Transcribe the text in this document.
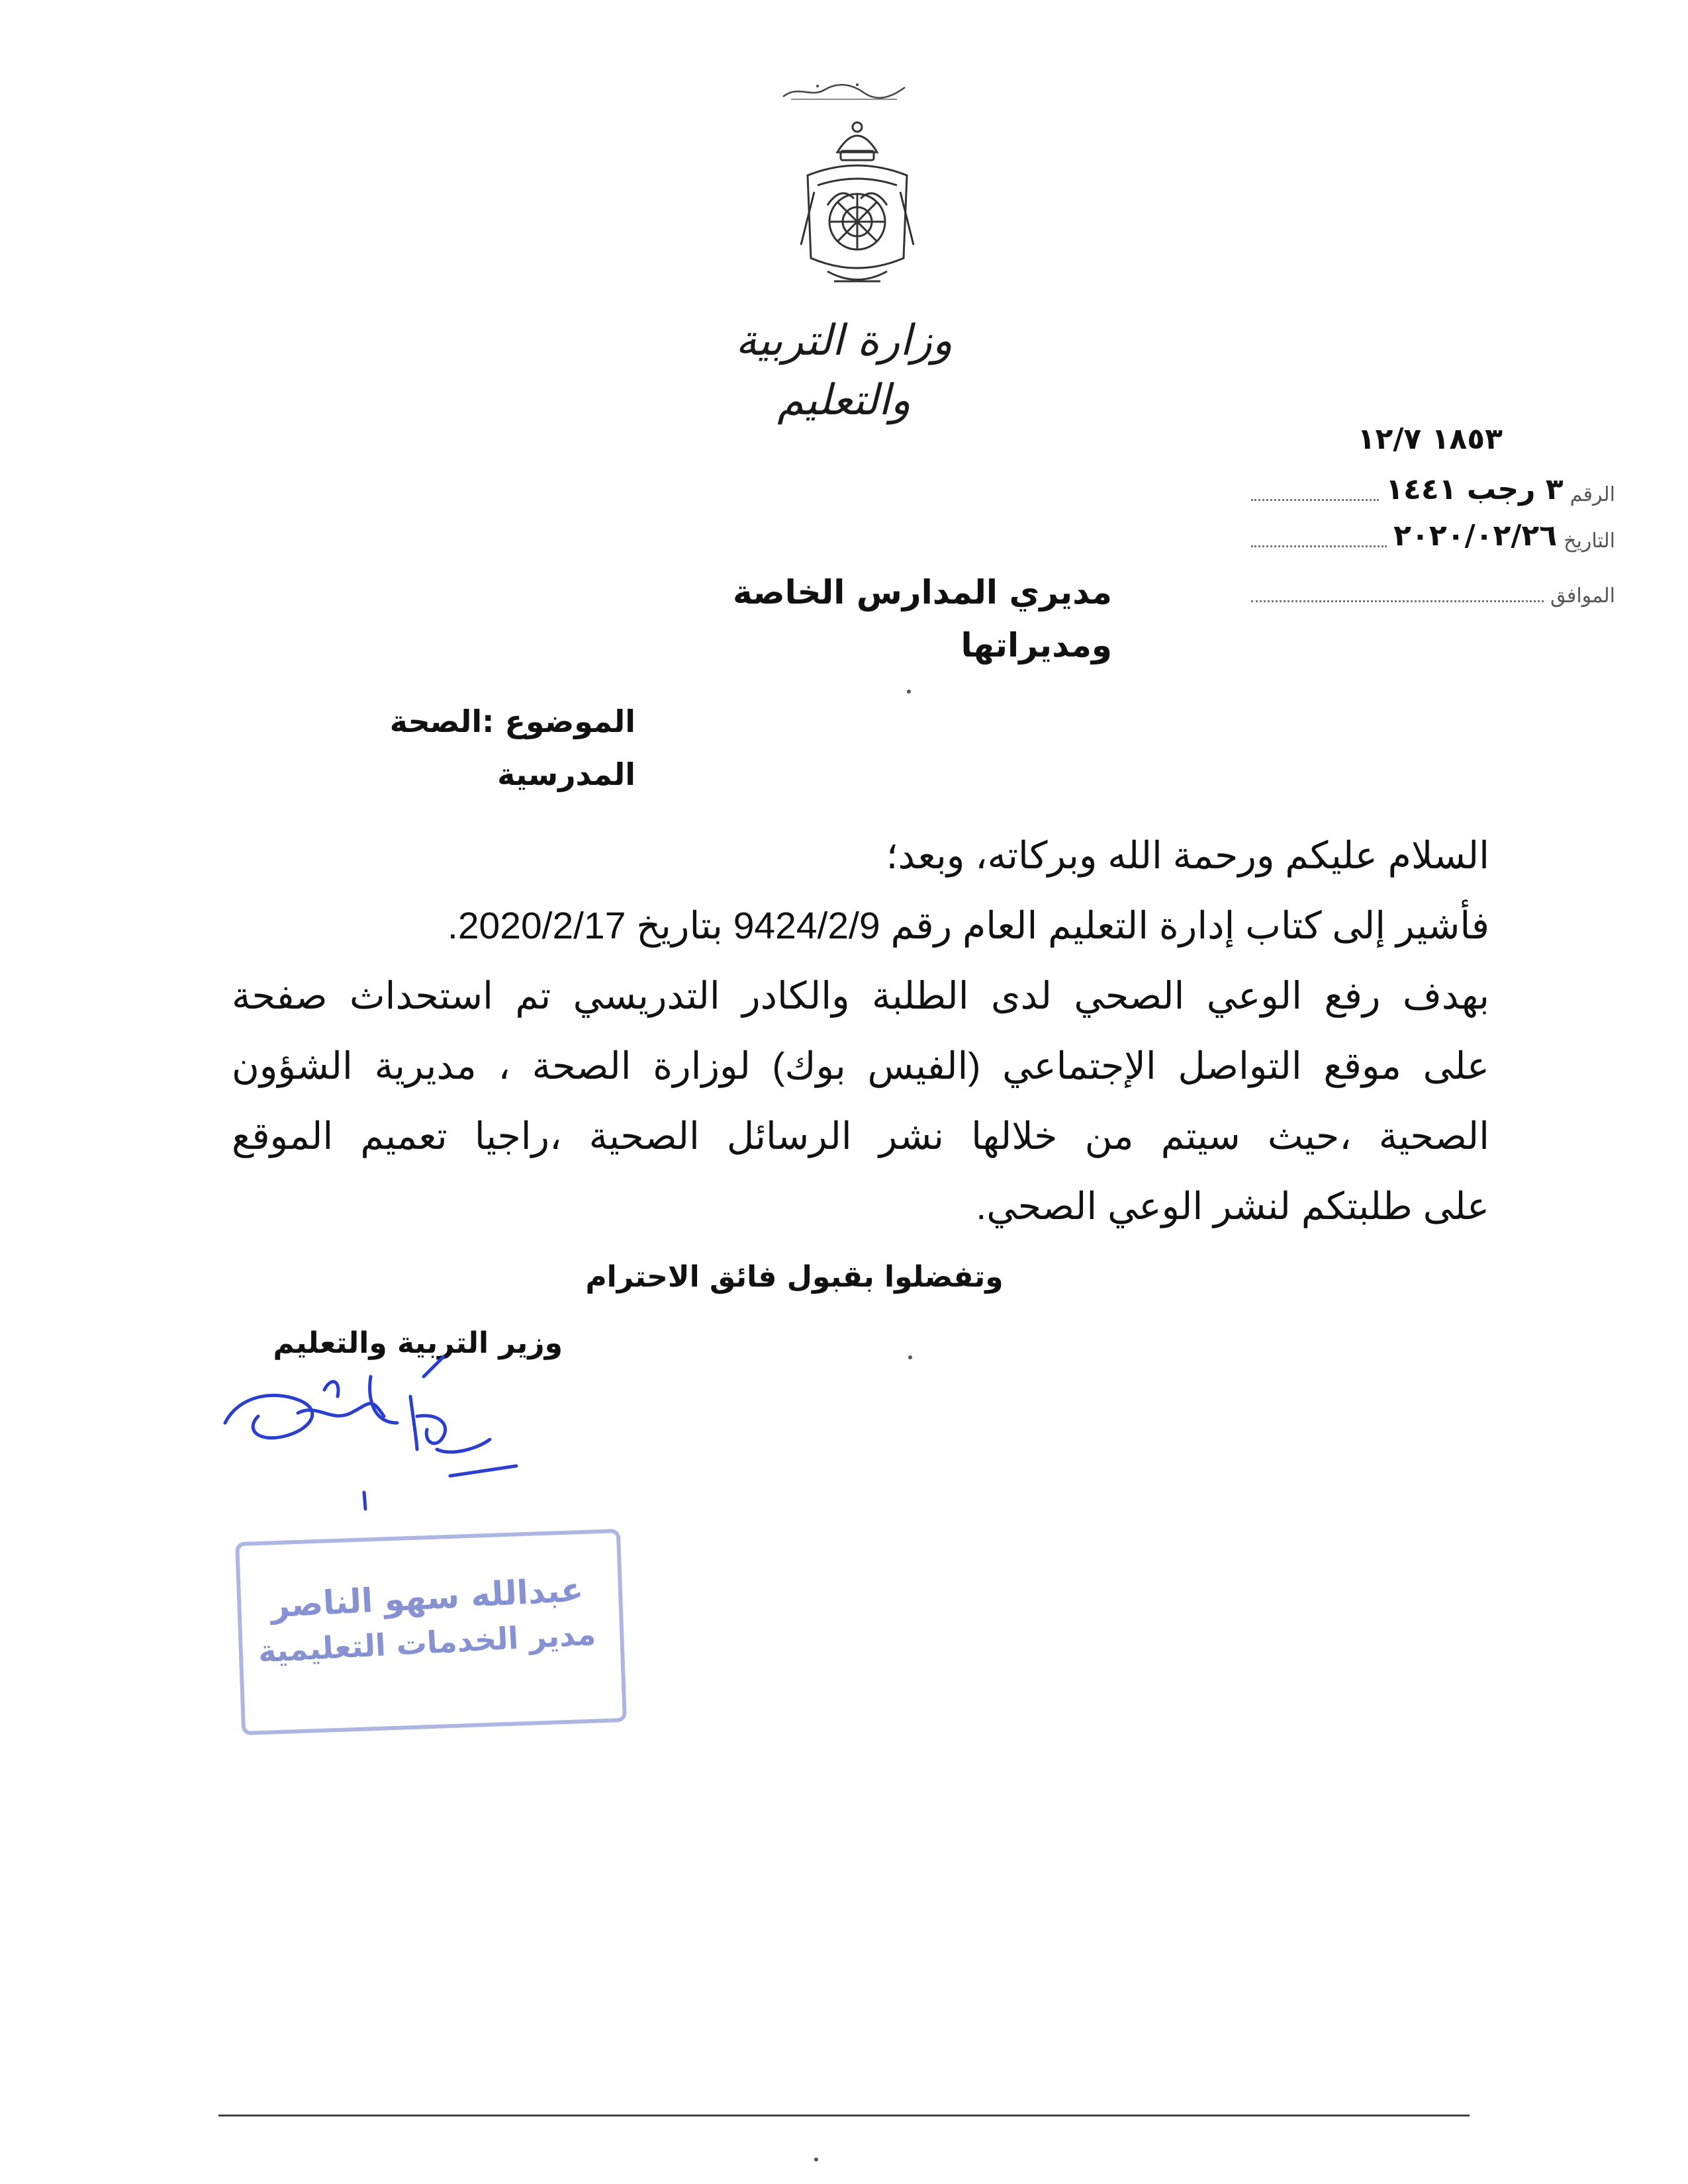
وزارة التربية والتعليم
١٨٥٣ ١٢/٧
الرقم
٣ رجب ١٤٤١
التاريخ
٢٠٢٠/٠٢/٢٦
الموافق
مديري المدارس الخاصة ومديراتها
الموضوع :الصحة المدرسية
السلام عليكم ورحمة الله وبركاته، وبعد؛
فأشير إلى كتاب إدارة التعليم العام رقم 9424/2/9 بتاريخ 2020/2/17.
بهدف رفع الوعي الصحي لدى الطلبة والكادر التدريسي تم استحداث صفحة
على موقع التواصل الإجتماعي (الفيس بوك) لوزارة الصحة ، مديرية الشؤون
الصحية ،حيث سيتم من خلالها نشر الرسائل الصحية ،راجيا تعميم الموقع
على طلبتكم لنشر الوعي الصحي.
وتفضلوا بقبول فائق الاحترام
وزير التربية والتعليم
عبدالله سهو الناصر
مدير الخدمات التعليمية
